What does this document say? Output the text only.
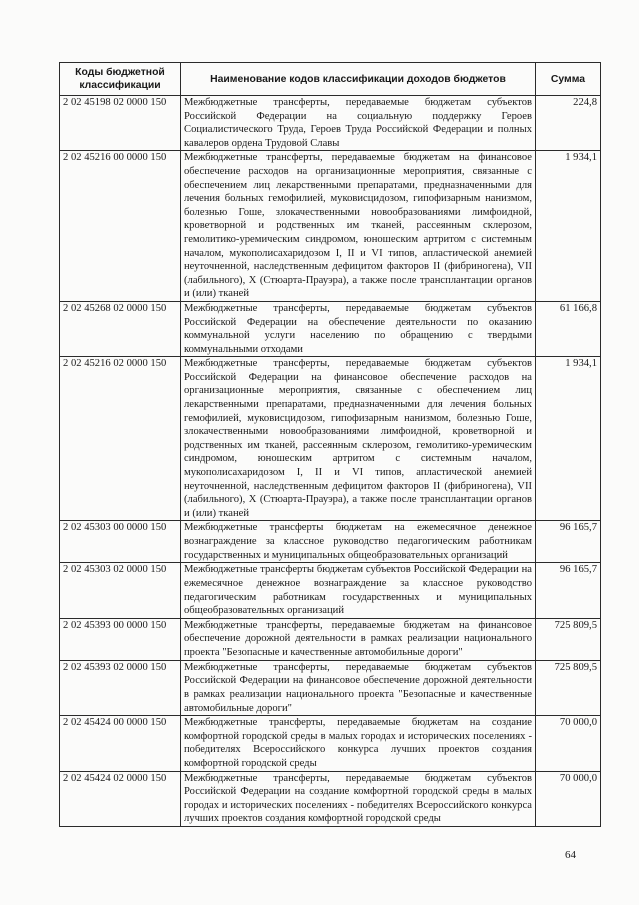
Коды бюджетной классификации	Наименование кодов классификации доходов бюджетов	Сумма
2 02 45198 02 0000 150	Межбюджетные трансферты, передаваемые бюджетам субъектов Российской Федерации на социальную поддержку Героев Социалистического Труда, Героев Труда Российской Федерации и полных кавалеров ордена Трудовой Славы	224,8
2 02 45216 00 0000 150	Межбюджетные трансферты, передаваемые бюджетам на финансовое обеспечение расходов на организационные мероприятия, связанные с обеспечением лиц лекарственными препаратами, предназначенными для лечения больных гемофилией, муковисцидозом, гипофизарным нанизмом, болезнью Гоше, злокачественными новообразованиями лимфоидной, кроветворной и родственных им тканей, рассеянным склерозом, гемолитико-уремическим синдромом, юношеским артритом с системным началом, мукополисахаридозом I, II и VI типов, апластической анемией неуточненной, наследственным дефицитом факторов II (фибриногена), VII (лабильного), X (Стюарта-Прауэра), а также после трансплантации органов и (или) тканей	1 934,1
2 02 45268 02 0000 150	Межбюджетные трансферты, передаваемые бюджетам субъектов Российской Федерации на обеспечение деятельности по оказанию коммунальной услуги населению по обращению с твердыми коммунальными отходами	61 166,8
2 02 45216 02 0000 150	Межбюджетные трансферты, передаваемые бюджетам субъектов Российской Федерации на финансовое обеспечение расходов на организационные мероприятия, связанные с обеспечением лиц лекарственными препаратами, предназначенными для лечения больных гемофилией, муковисцидозом, гипофизарным нанизмом, болезнью Гоше, злокачественными новообразованиями лимфоидной, кроветворной и родственных им тканей, рассеянным склерозом, гемолитико-уремическим синдромом, юношеским артритом с системным началом, мукополисахаридозом I, II и VI типов, апластической анемией неуточненной, наследственным дефицитом факторов II (фибриногена), VII (лабильного), X (Стюарта-Прауэра), а также после трансплантации органов и (или) тканей	1 934,1
2 02 45303 00 0000 150	Межбюджетные трансферты бюджетам на ежемесячное денежное вознаграждение за классное руководство педагогическим работникам государственных и муниципальных общеобразовательных организаций	96 165,7
2 02 45303 02 0000 150	Межбюджетные трансферты бюджетам субъектов Российской Федерации на ежемесячное денежное вознаграждение за классное руководство педагогическим работникам государственных и муниципальных общеобразовательных организаций	96 165,7
2 02 45393 00 0000 150	Межбюджетные трансферты, передаваемые бюджетам на финансовое обеспечение дорожной деятельности в рамках реализации национального проекта "Безопасные и качественные автомобильные дороги"	725 809,5
2 02 45393 02 0000 150	Межбюджетные трансферты, передаваемые бюджетам субъектов Российской Федерации на финансовое обеспечение дорожной деятельности в рамках реализации национального проекта "Безопасные и качественные автомобильные дороги"	725 809,5
2 02 45424 00 0000 150	Межбюджетные трансферты, передаваемые бюджетам на создание комфортной городской среды в малых городах и исторических поселениях - победителях Всероссийского конкурса лучших проектов создания комфортной городской среды	70 000,0
2 02 45424 02 0000 150	Межбюджетные трансферты, передаваемые бюджетам субъектов Российской Федерации на создание комфортной городской среды в малых городах и исторических поселениях - победителях Всероссийского конкурса лучших проектов создания комфортной городской среды	70 000,0
64
